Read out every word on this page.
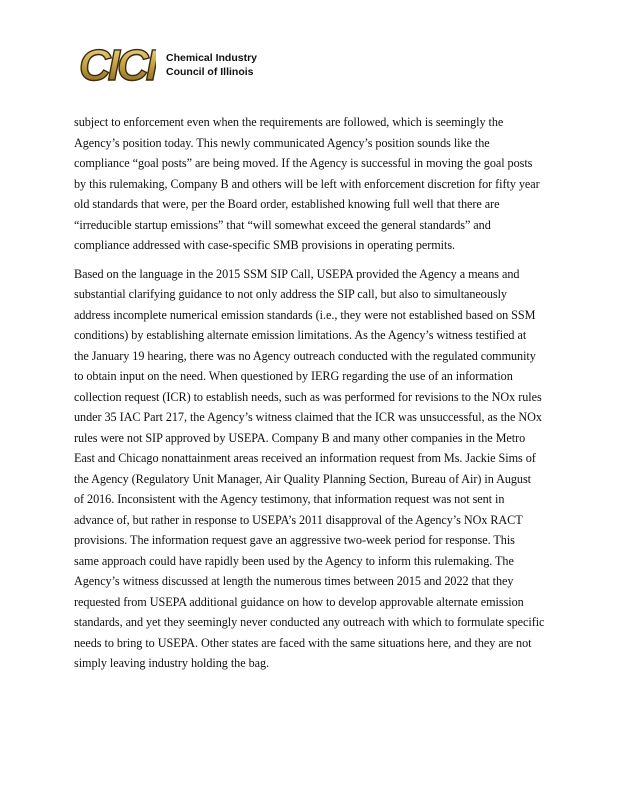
CICI	Chemical Industry
Council of Illinois
subject to enforcement even when the requirements are followed, which is seemingly the
Agency’s position today. This newly communicated Agency’s position sounds like the
compliance “goal posts” are being moved. If the Agency is successful in moving the goal posts
by this rulemaking, Company B and others will be left with enforcement discretion for fifty year
old standards that were, per the Board order, established knowing full well that there are
“irreducible startup emissions” that “will somewhat exceed the general standards” and
compliance addressed with case-specific SMB provisions in operating permits.
Based on the language in the 2015 SSM SIP Call, USEPA provided the Agency a means and
substantial clarifying guidance to not only address the SIP call, but also to simultaneously
address incomplete numerical emission standards (i.e., they were not established based on SSM
conditions) by establishing alternate emission limitations. As the Agency’s witness testified at
the January 19 hearing, there was no Agency outreach conducted with the regulated community
to obtain input on the need. When questioned by IERG regarding the use of an information
collection request (ICR) to establish needs, such as was performed for revisions to the NOx rules
under 35 IAC Part 217, the Agency’s witness claimed that the ICR was unsuccessful, as the NOx
rules were not SIP approved by USEPA. Company B and many other companies in the Metro
East and Chicago nonattainment areas received an information request from Ms. Jackie Sims of
the Agency (Regulatory Unit Manager, Air Quality Planning Section, Bureau of Air) in August
of 2016. Inconsistent with the Agency testimony, that information request was not sent in
advance of, but rather in response to USEPA’s 2011 disapproval of the Agency’s NOx RACT
provisions. The information request gave an aggressive two-week period for response. This
same approach could have rapidly been used by the Agency to inform this rulemaking. The
Agency’s witness discussed at length the numerous times between 2015 and 2022 that they
requested from USEPA additional guidance on how to develop approvable alternate emission
standards, and yet they seemingly never conducted any outreach with which to formulate specific
needs to bring to USEPA. Other states are faced with the same situations here, and they are not
simply leaving industry holding the bag.
